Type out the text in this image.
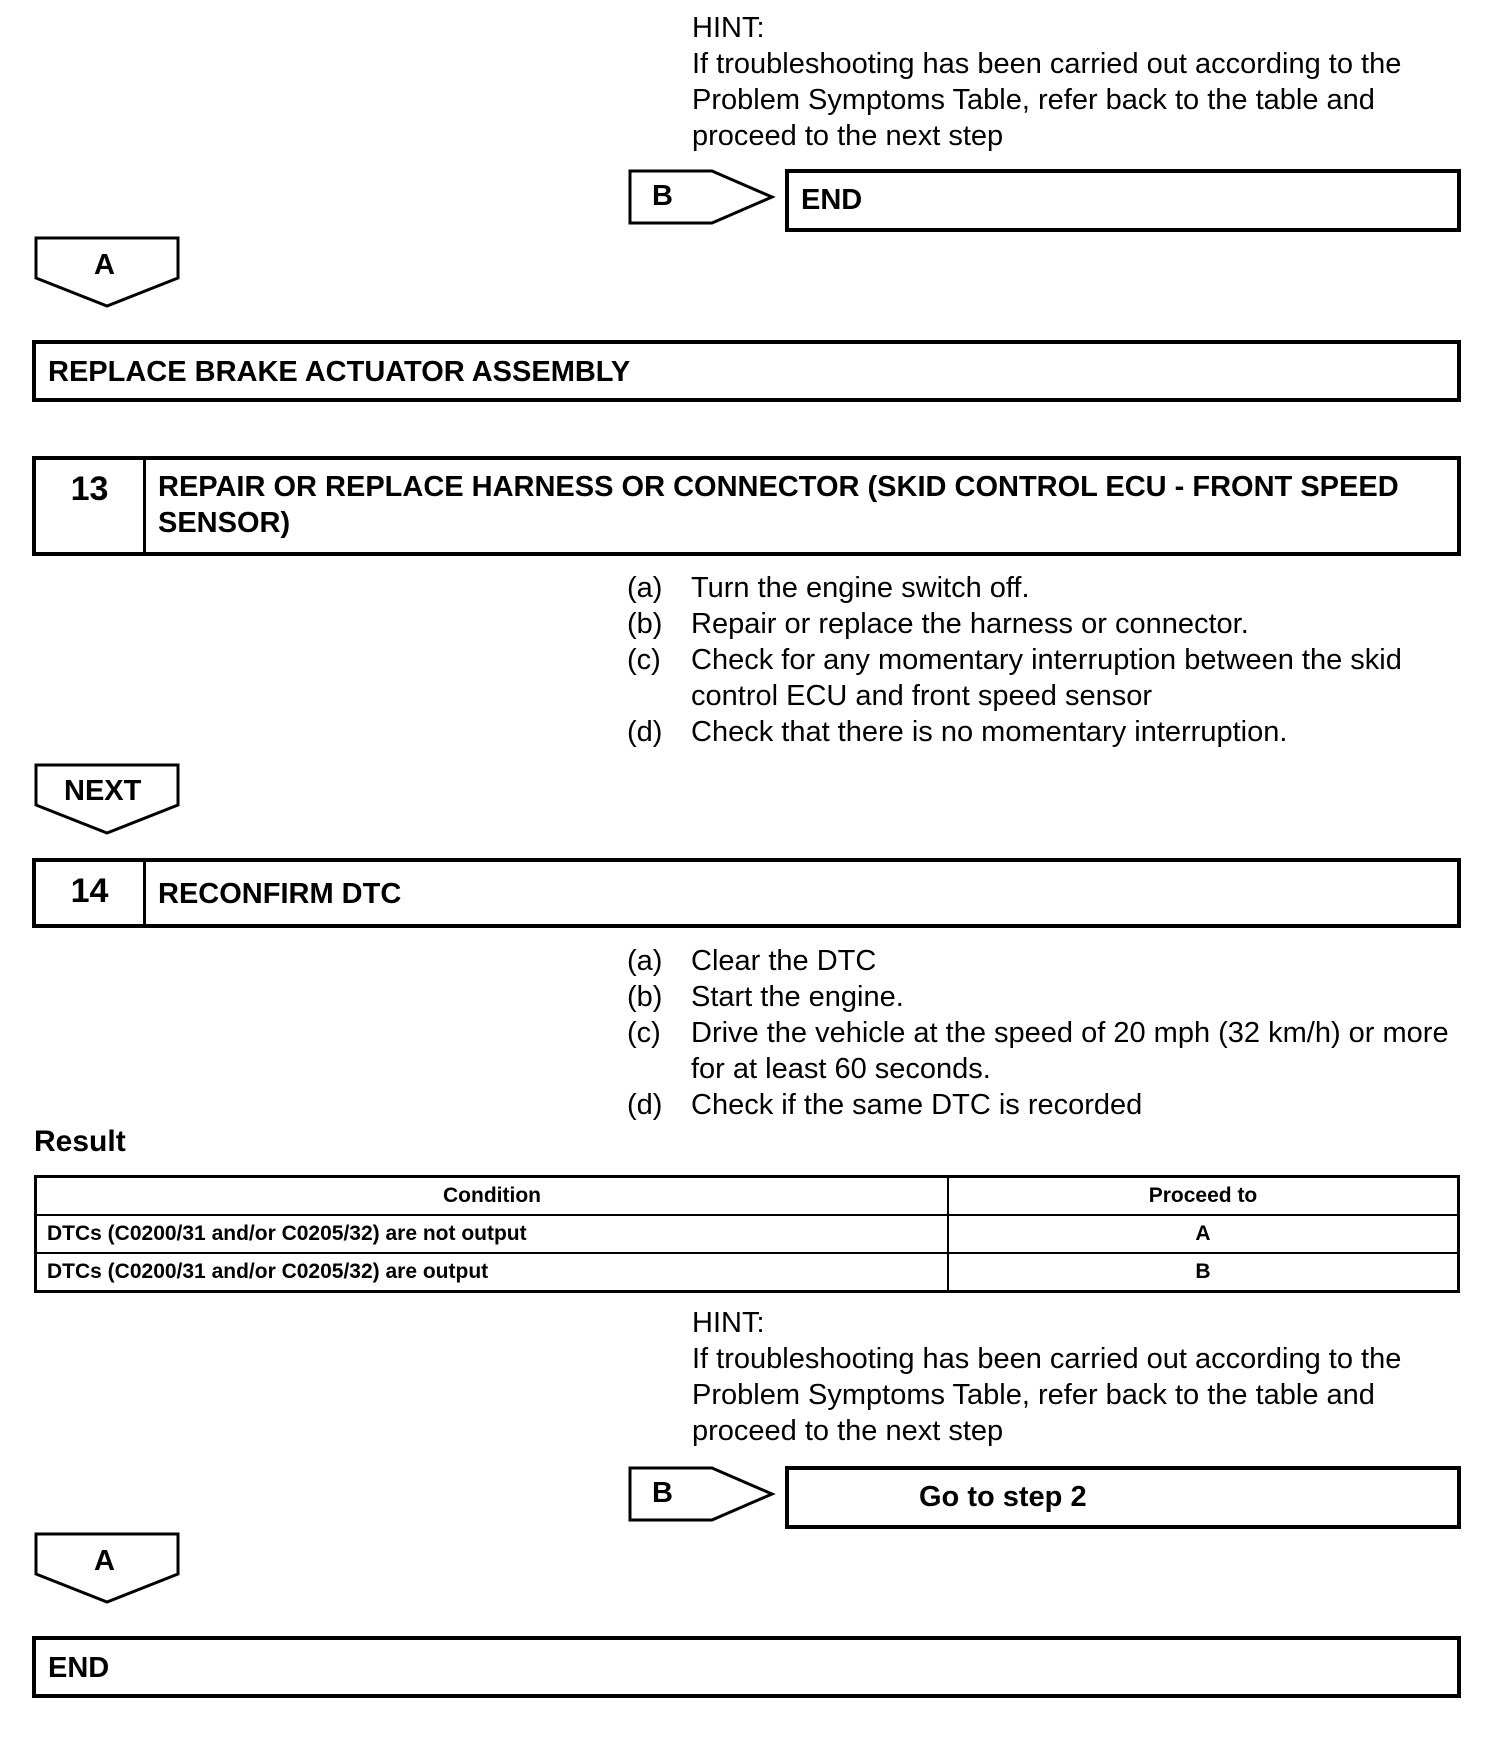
HINT:
If troubleshooting has been carried out according to the Problem Symptoms Table, refer back to the table and proceed to the next step
B	END
A
REPLACE BRAKE ACTUATOR ASSEMBLY
13	REPAIR OR REPLACE HARNESS OR CONNECTOR (SKID CONTROL ECU - FRONT SPEED SENSOR)
(a) Turn the engine switch off.
(b) Repair or replace the harness or connector.
(c)	Check for any momentary interruption between the skid control ECU and front speed sensor
(d) Check that there is no momentary interruption.
NEXT
14	RECONFIRM DTC
(a) Clear the DTC
(b) Start the engine.
(c)	Drive the vehicle at the speed of 20 mph (32 km/h) or more for at least 60 seconds.
(d) Check if the same DTC is recorded
Result
Condition	Proceed to
DTCs (C0200/31 and/or C0205/32) are not output	A
DTCs (C0200/31 and/or C0205/32) are output	B
HINT:
If troubleshooting has been carried out according to the Problem Symptoms Table, refer back to the table and proceed to the next step
B	Go to step 2
A
END
